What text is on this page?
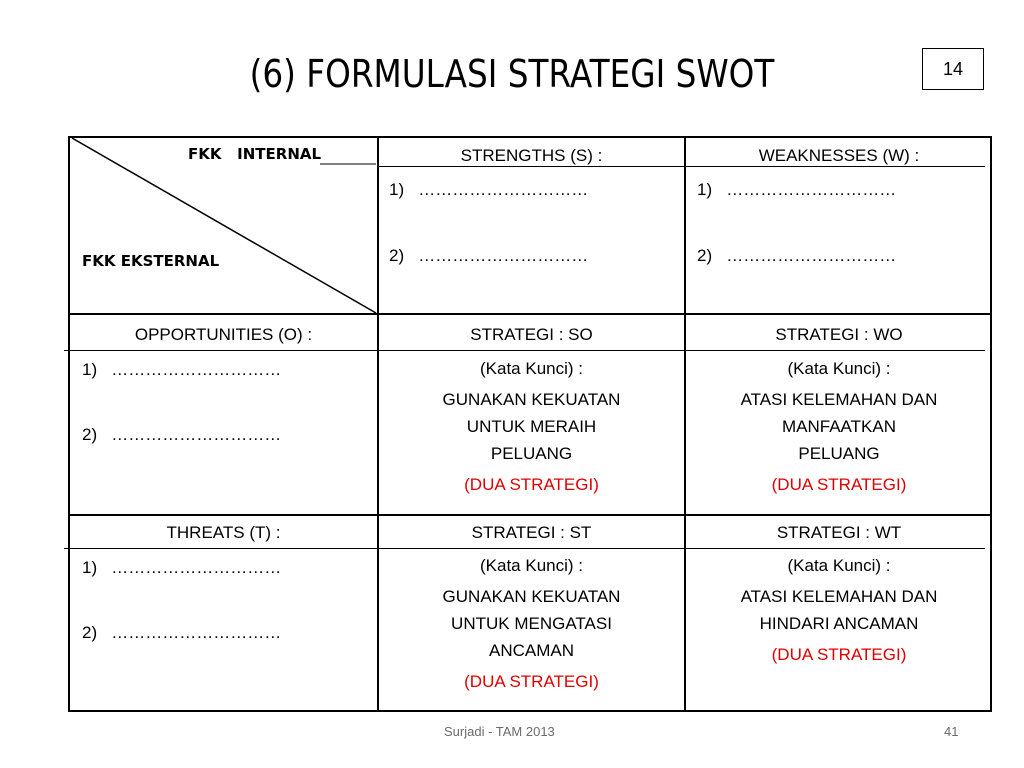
(6) FORMULASI STRATEGI SWOT	14
FKK   INTERNAL
FKK EKSTERNAL
STRENGTHS (S) :
1)   …………………………
2)   …………………………
WEAKNESSES (W) :
1)   …………………………
2)   …………………………
OPPORTUNITIES (O) :
1)   …………………………
2)   …………………………
THREATS (T) :
1)   …………………………
2)   …………………………
STRATEGI : SO
(Kata Kunci) :
GUNAKAN KEKUATAN
UNTUK MERAIH
PELUANG
(DUA STRATEGI)
STRATEGI : WO
(Kata Kunci) :
ATASI KELEMAHAN DAN
MANFAATKAN
PELUANG
(DUA STRATEGI)
STRATEGI : ST
(Kata Kunci) :
GUNAKAN KEKUATAN
UNTUK MENGATASI
ANCAMAN
(DUA STRATEGI)
STRATEGI : WT
(Kata Kunci) :
ATASI KELEMAHAN DAN
HINDARI ANCAMAN
(DUA STRATEGI)
Surjadi - TAM 2013	41
